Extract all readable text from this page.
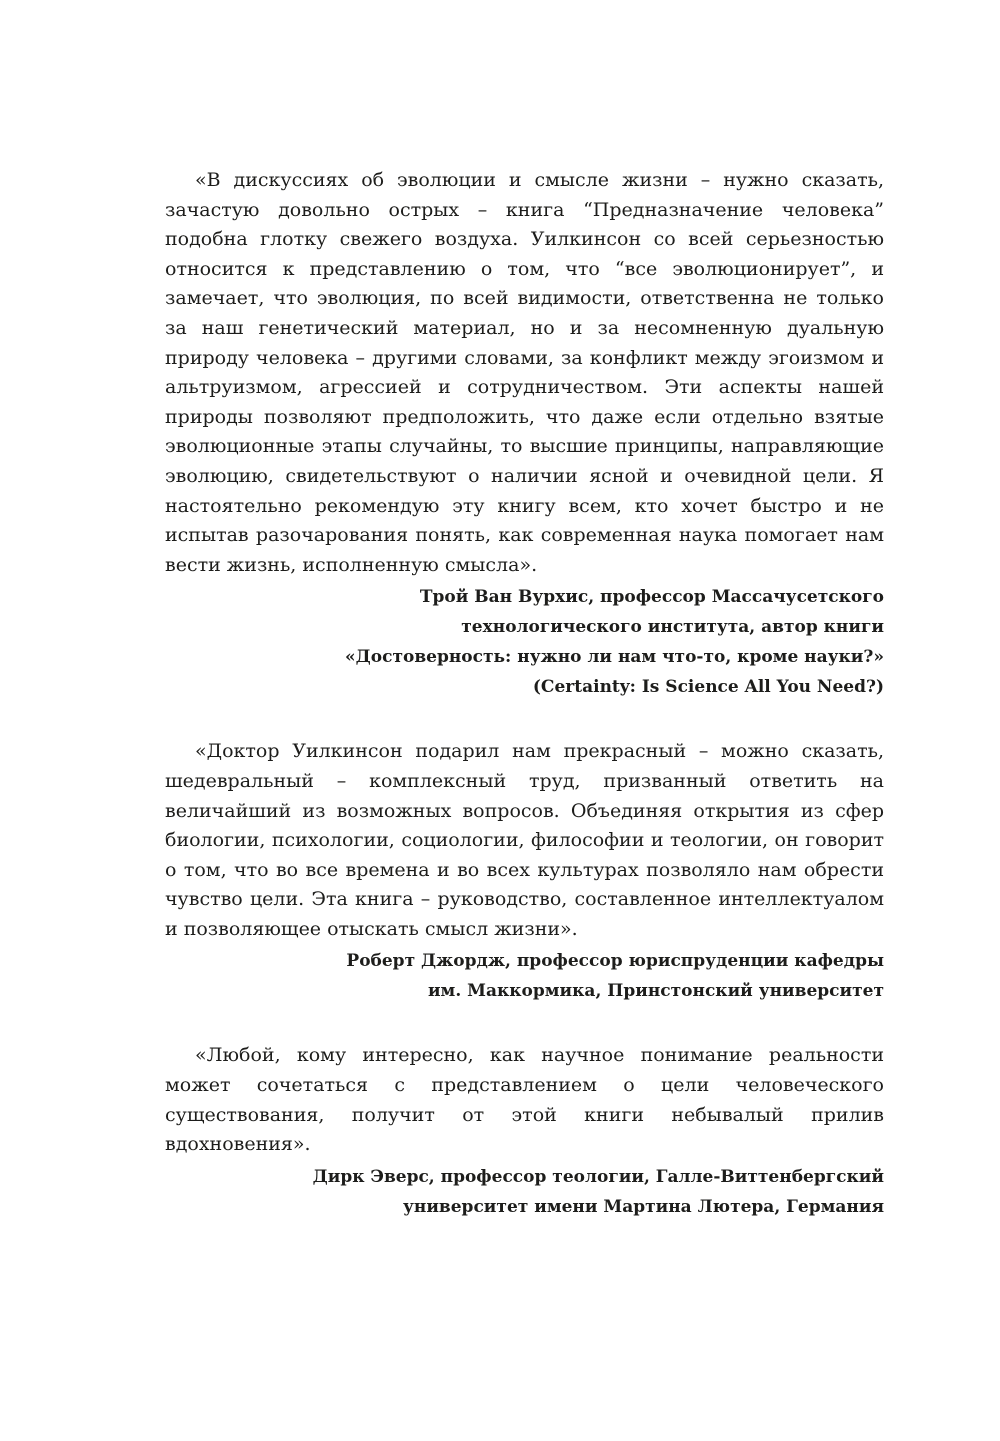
«В дискуссиях об эволюции и смысле жизни – нужно сказать, зачастую довольно острых – книга “Предназначение человека” подобна глотку свежего воздуха. Уилкинсон со всей серьезностью относится к представлению о том, что “все эволюционирует”, и замечает, что эволюция, по всей видимости, ответственна не только за наш генетический материал, но и за несомненную дуальную природу человека – другими словами, за конфликт между эгоизмом и альтруизмом, агрессией и сотрудничеством. Эти аспекты нашей природы позволяют предположить, что даже если отдельно взятые эволюционные этапы случайны, то высшие принципы, направляющие эволюцию, свидетельствуют о наличии ясной и очевидной цели. Я настоятельно рекомендую эту книгу всем, кто хочет быстро и не испытав разочарования понять, как современная наука помогает нам вести жизнь, исполненную смысла».

Трой Ван Вурхис, профессор Массачусетского
технологического института, автор книги
«Достоверность: нужно ли нам что-то, кроме науки?»
(Certainty: Is Science All You Need?)

«Доктор Уилкинсон подарил нам прекрасный – можно сказать, шедевральный – комплексный труд, призванный ответить на величайший из возможных вопросов. Объединяя открытия из сфер биологии, психологии, социологии, философии и теологии, он говорит о том, что во все времена и во всех культурах позволяло нам обрести чувство цели. Эта книга – руководство, составленное интеллектуалом и позволяющее отыскать смысл жизни».

Роберт Джордж, профессор юриспруденции кафедры
им. Маккормика, Принстонский университет

«Любой, кому интересно, как научное понимание реальности может сочетаться с представлением о цели человеческого существования, получит от этой книги небывалый прилив вдохновения».

Дирк Эверс, профессор теологии, Галле-Виттенбергский
университет имени Мартина Лютера, Германия
